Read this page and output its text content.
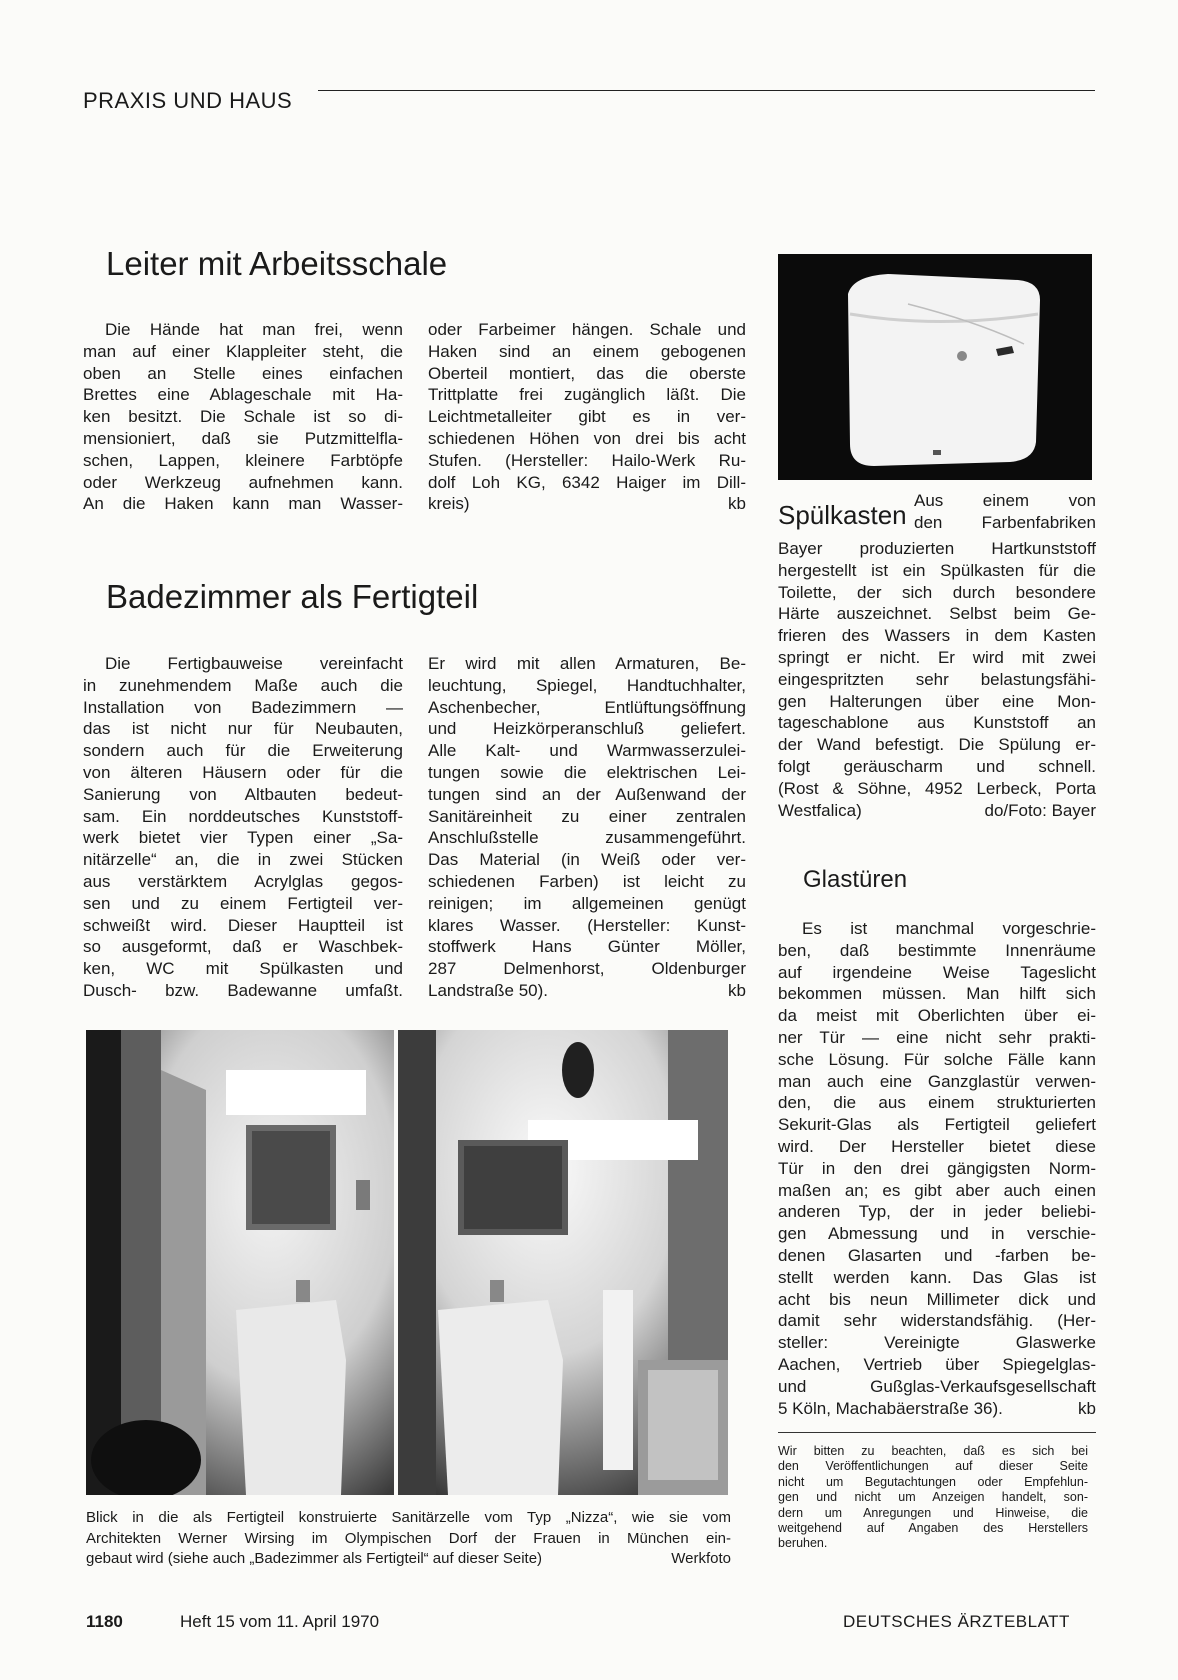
PRAXIS UND HAUS
Leiter mit Arbeitsschale

Die Hände hat man frei, wenn

man auf einer Klappleiter steht, die

oben an Stelle eines einfachen

Brettes eine Ablageschale mit Ha-

ken besitzt. Die Schale ist so di-

mensioniert, daß sie Putzmittelfla-

schen, Lappen, kleinere Farbtöpfe

oder Werkzeug aufnehmen kann.

An die Haken kann man Wasser-

oder Farbeimer hängen. Schale und

Haken sind an einem gebogenen

Oberteil montiert, das die oberste

Trittplatte frei zugänglich läßt. Die

Leichtmetalleiter gibt es in ver-

schiedenen Höhen von drei bis acht

Stufen. (Hersteller: Hailo-Werk Ru-

dolf Loh KG, 6342 Haiger im Dill-

kreis)	kb

Badezimmer als Fertigteil

Die Fertigbauweise vereinfacht

in zunehmendem Maße auch die

Installation von Badezimmern —

das ist nicht nur für Neubauten,

sondern auch für die Erweiterung

von älteren Häusern oder für die

Sanierung von Altbauten bedeut-

sam. Ein norddeutsches Kunststoff-

werk bietet vier Typen einer „Sa-

nitärzelle“ an, die in zwei Stücken

aus verstärktem Acrylglas gegos-

sen und zu einem Fertigteil ver-

schweißt wird. Dieser Hauptteil ist

so ausgeformt, daß er Waschbek-

ken, WC mit Spülkasten und

Dusch- bzw. Badewanne umfaßt.

Er wird mit allen Armaturen, Be-

leuchtung, Spiegel, Handtuchhalter,

Aschenbecher, Entlüftungsöffnung

und Heizkörperanschluß geliefert.

Alle Kalt- und Warmwasserzulei-

tungen sowie die elektrischen Lei-

tungen sind an der Außenwand der

Sanitäreinheit zu einer zentralen

Anschlußstelle zusammengeführt.

Das Material (in Weiß oder ver-

schiedenen Farben) ist leicht zu

reinigen; im allgemeinen genügt

klares Wasser. (Hersteller: Kunst-

stoffwerk Hans Günter Möller,

287 Delmenhorst, Oldenburger

Landstraße 50).	kb

Blick in die als Fertigteil konstruierte Sanitärzelle vom Typ „Nizza“, wie sie vom
Architekten Werner Wirsing im Olympischen Dorf der Frauen in München ein-
gebaut wird (siehe auch „Badezimmer als Fertigteil“ auf dieser Seite)	Werkfoto
Spülkasten Aus einem von
den Farbenfabriken

Bayer produzierten Hartkunststoff

hergestellt ist ein Spülkasten für die

Toilette, der sich durch besondere

Härte auszeichnet. Selbst beim Ge-

frieren des Wassers in dem Kasten

springt er nicht. Er wird mit zwei

eingespritzten sehr belastungsfähi-

gen Halterungen über eine Mon-

tageschablone aus Kunststoff an

der Wand befestigt. Die Spülung er-

folgt geräuscharm und schnell.

(Rost & Söhne, 4952 Lerbeck, Porta

Westfalica)	do/Foto: Bayer

Glastüren

Es ist manchmal vorgeschrie-

ben, daß bestimmte Innenräume

auf irgendeine Weise Tageslicht

bekommen müssen. Man hilft sich

da meist mit Oberlichten über ei-

ner Tür — eine nicht sehr prakti-

sche Lösung. Für solche Fälle kann

man auch eine Ganzglastür verwen-

den, die aus einem strukturierten

Sekurit-Glas als Fertigteil geliefert

wird. Der Hersteller bietet diese

Tür in den drei gängigsten Norm-

maßen an; es gibt aber auch einen

anderen Typ, der in jeder beliebi-

gen Abmessung und in verschie-

denen Glasarten und -farben be-

stellt werden kann. Das Glas ist

acht bis neun Millimeter dick und

damit sehr widerstandsfähig. (Her-

steller: Vereinigte Glaswerke

Aachen, Vertrieb über Spiegelglas-

und Gußglas-Verkaufsgesellschaft

5 Köln, Machabäerstraße 36).	kb

Wir bitten zu beachten, daß es sich bei
den Veröffentlichungen auf dieser Seite
nicht um Begutachtungen oder Empfehlun-
gen und nicht um Anzeigen handelt, son-
dern um Anregungen und Hinweise, die
weitgehend auf Angaben des Herstellers
beruhen.
1180	Heft 15 vom 11. April 1970	DEUTSCHES ÄRZTEBLATT
